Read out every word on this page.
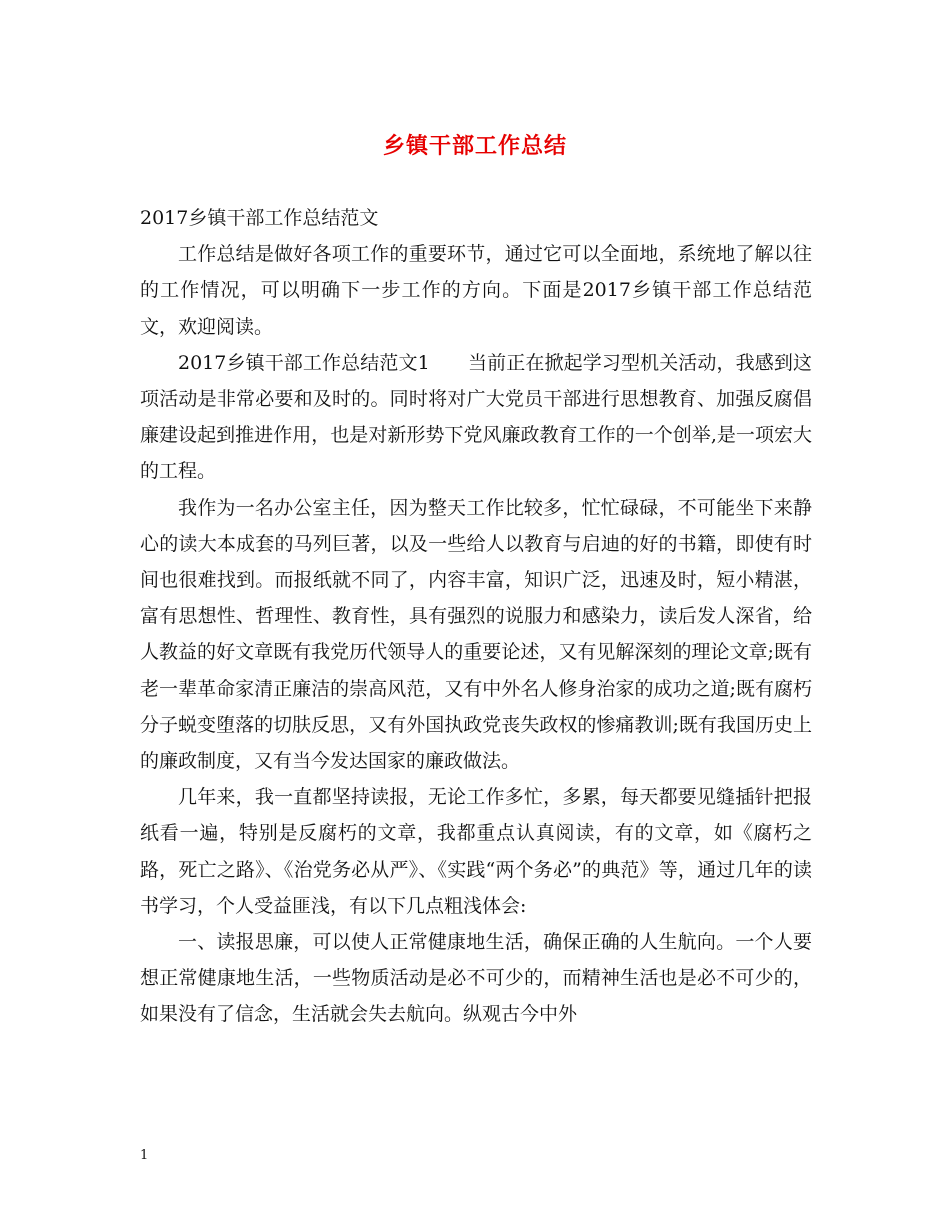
乡镇干部工作总结

2017乡镇干部工作总结范文

工作总结是做好各项工作的重要环节，通过它可以全面地，系统地了解以往的工作情况，可以明确下一步工作的方向。下面是2017乡镇干部工作总结范文，欢迎阅读。

2017乡镇干部工作总结范文1　　当前正在掀起学习型机关活动，我感到这项活动是非常必要和及时的。同时将对广大党员干部进行思想教育、加强反腐倡廉建设起到推进作用，也是对新形势下党风廉政教育工作的一个创举,是一项宏大的工程。

我作为一名办公室主任，因为整天工作比较多，忙忙碌碌，不可能坐下来静心的读大本成套的马列巨著，以及一些给人以教育与启迪的好的书籍，即使有时间也很难找到。而报纸就不同了，内容丰富，知识广泛，迅速及时，短小精湛，富有思想性、哲理性、教育性，具有强烈的说服力和感染力，读后发人深省，给人教益的好文章既有我党历代领导人的重要论述，又有见解深刻的理论文章;既有老一辈革命家清正廉洁的崇高风范，又有中外名人修身治家的成功之道;既有腐朽分子蜕变堕落的切肤反思，又有外国执政党丧失政权的惨痛教训;既有我国历史上的廉政制度，又有当今发达国家的廉政做法。

几年来，我一直都坚持读报，无论工作多忙，多累，每天都要见缝插针把报纸看一遍，特别是反腐朽的文章，我都重点认真阅读，有的文章，如《腐朽之路，死亡之路》、《治党务必从严》、《实践“两个务必”的典范》等，通过几年的读书学习，个人受益匪浅，有以下几点粗浅体会:

一、读报思廉，可以使人正常健康地生活，确保正确的人生航向。一个人要想正常健康地生活，一些物质活动是必不可少的，而精神生活也是必不可少的，如果没有了信念，生活就会失去航向。纵观古今中外

1
